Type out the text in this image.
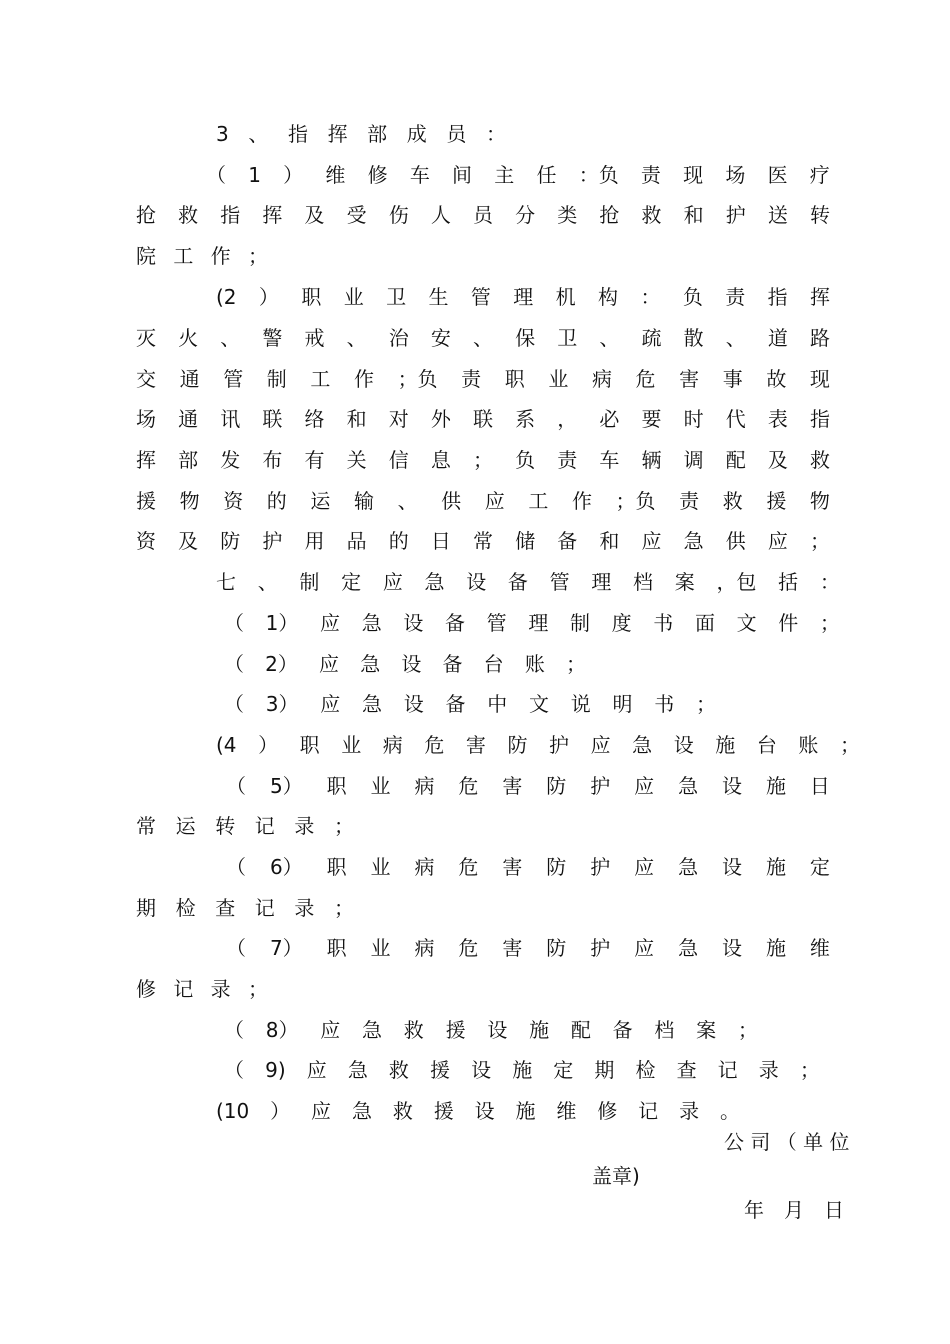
3 、 指 挥 部 成 员 ：

（ 1 ） 维 修 车 间 主 任 ：负 责 现 场 医 疗

抢 救 指 挥 及 受 伤 人 员 分 类 抢 救 和 护 送 转

院 工 作 ；

(2 ） 职 业 卫 生 管 理 机 构 ： 负 责 指 挥

灭 火 、 警 戒 、 治 安 、 保 卫 、 疏 散 、 道 路

交 通 管 制 工 作 ；负 责 职 业 病 危 害 事 故 现

场 通 讯 联 络 和 对 外 联 系 ， 必 要 时 代 表 指

挥 部 发 布 有 关 信 息 ； 负 责 车 辆 调 配 及 救

援 物 资 的 运 输 、 供 应 工 作 ；负 责 救 援 物

资 及 防 护 用 品 的 日 常 储 备 和 应 急 供 应 ；

七 、 制 定 应 急 设 备 管 理 档 案 ，包 括 ：

（ 1） 应 急 设 备 管 理 制 度 书 面 文 件 ；

（ 2） 应 急 设 备 台 账 ；

（ 3） 应 急 设 备 中 文 说 明 书 ；

(4 ） 职 业 病 危 害 防 护 应 急 设 施 台 账 ；

（ 5） 职 业 病 危 害 防 护 应 急 设 施 日

常 运 转 记 录 ；

（ 6） 职 业 病 危 害 防 护 应 急 设 施 定

期 检 查 记 录 ；

（ 7） 职 业 病 危 害 防 护 应 急 设 施 维

修 记 录 ；

（ 8） 应 急 救 援 设 施 配 备 档 案 ；

（ 9) 应 急 救 援 设 施 定 期 检 查 记 录 ；

(10 ） 应 急 救 援 设 施 维 修 记 录 。

公 司 （ 单 位

盖章)

年　月　日
